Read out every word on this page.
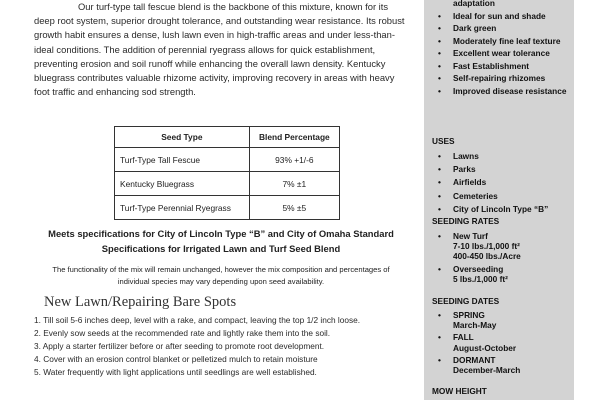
Our turf-type tall fescue blend is the backbone of this mixture, known for its deep root system, superior drought tolerance, and outstanding wear resistance. Its robust growth habit ensures a dense, lush lawn even in high-traffic areas and under less-than-ideal conditions. The addition of perennial ryegrass allows for quick establishment, preventing erosion and soil runoff while enhancing the overall lawn density. Kentucky bluegrass contributes valuable rhizome activity, improving recovery in areas with heavy foot traffic and enhancing sod strength.

Seed Type	Blend Percentage
Turf-Type Tall Fescue	93% +1/-6
Kentucky Bluegrass	7% ±1
Turf-Type Perennial Ryegrass	5% ±5

Meets specifications for City of Lincoln Type “B” and City of Omaha Standard
Specifications for Irrigated Lawn and Turf Seed Blend

The functionality of the mix will remain unchanged, however the mix composition and percentages of
individual species may vary depending upon seed availability.

New Lawn/Repairing Bare Spots
1. Till soil 5-6 inches deep, level with a rake, and compact, leaving the top 1/2 inch loose.
2. Evenly sow seeds at the recommended rate and lightly rake them into the soil.
3. Apply a starter fertilizer before or after seeding to promote root development.
4. Cover with an erosion control blanket or pelletized mulch to retain moisture
5. Water frequently with light applications until seedlings are well established.
adaptation
• Ideal for sun and shade
• Dark green
• Moderately fine leaf texture
• Excellent wear tolerance
• Fast Establishment
• Self-repairing rhizomes
• Improved disease resistance

USES

• Lawns
• Parks
• Airfields
• Cemeteries
• City of Lincoln Type “B”

SEEDING RATES

• New Turf
7-10 lbs./1,000 ft²
400-450 lbs./Acre
• Overseeding
5 lbs./1,000 ft²

SEEDING DATES

• SPRING
March-May
• FALL
August-October
• DORMANT
December-March

MOW HEIGHT
